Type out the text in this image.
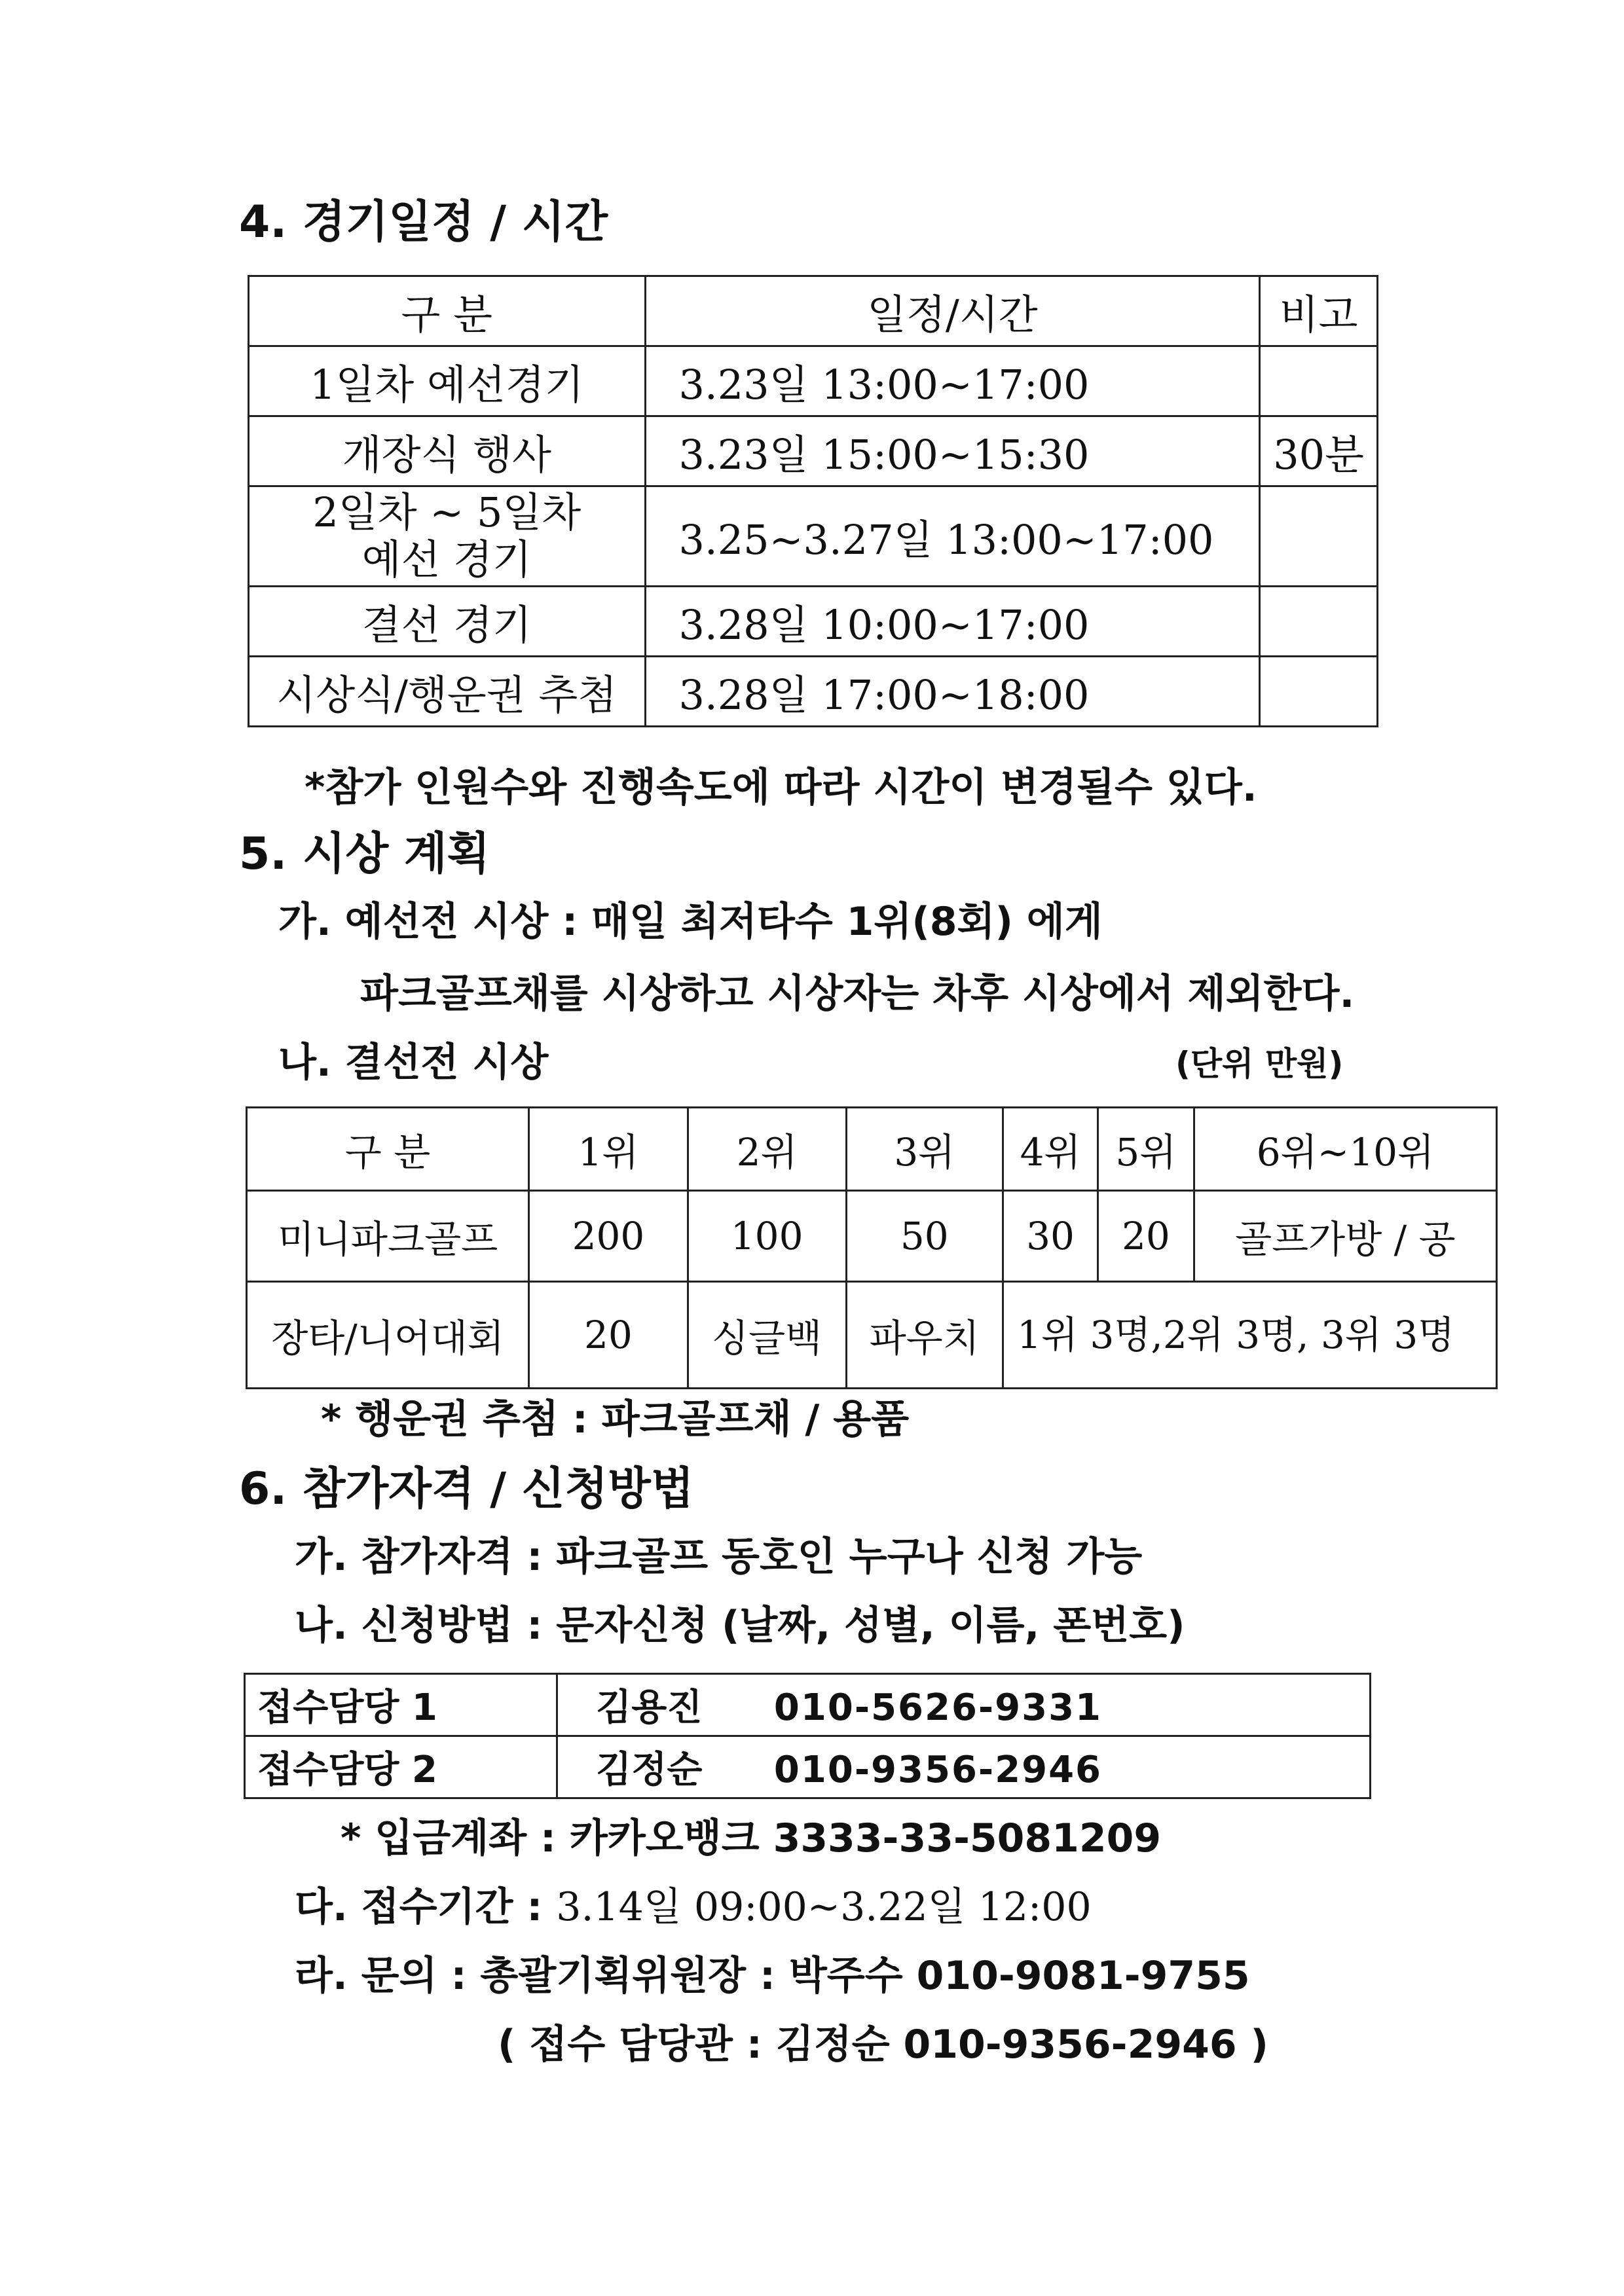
4. 경기일정 / 시간
구 분	일정/시간	비고
1일차 예선경기	3.23일 13:00~17:00	
개장식 행사	3.23일 15:00~15:30	30분

2일차 ~ 5일차
예선 경기	3.25~3.27일 13:00~17:00	
결선 경기	3.28일 10:00~17:00	
시상식/행운권 추첨	3.28일 17:00~18:00	
*참가 인원수와 진행속도에 따라 시간이 변경될수 있다.
5. 시상 계획
가. 예선전 시상 : 매일 최저타수 1위(8회) 에게
파크골프채를 시상하고 시상자는 차후 시상에서 제외한다.
나. 결선전 시상	(단위 만원)
구 분	1위	2위	3위	4위	5위	6위~10위
미니파크골프	200	100	50	30	20	골프가방 / 공
장타/니어대회	20	싱글백	파우치	1위 3명,2위 3명, 3위 3명		
* 행운권 추첨 : 파크골프채 / 용품
6. 참가자격 / 신청방법
가. 참가자격 : 파크골프 동호인 누구나 신청 가능
나. 신청방법 : 문자신청 (날짜, 성별, 이름, 폰번호)
접수담당 1	김용진 010-5626-9331
접수담당 2	김정순 010-9356-2946
* 입금계좌 : 카카오뱅크 3333-33-5081209
다. 접수기간 : 3.14일 09:00~3.22일 12:00
라. 문의 : 총괄기획위원장 : 박주수 010-9081-9755
( 접수 담당관 : 김정순 010-9356-2946 )
